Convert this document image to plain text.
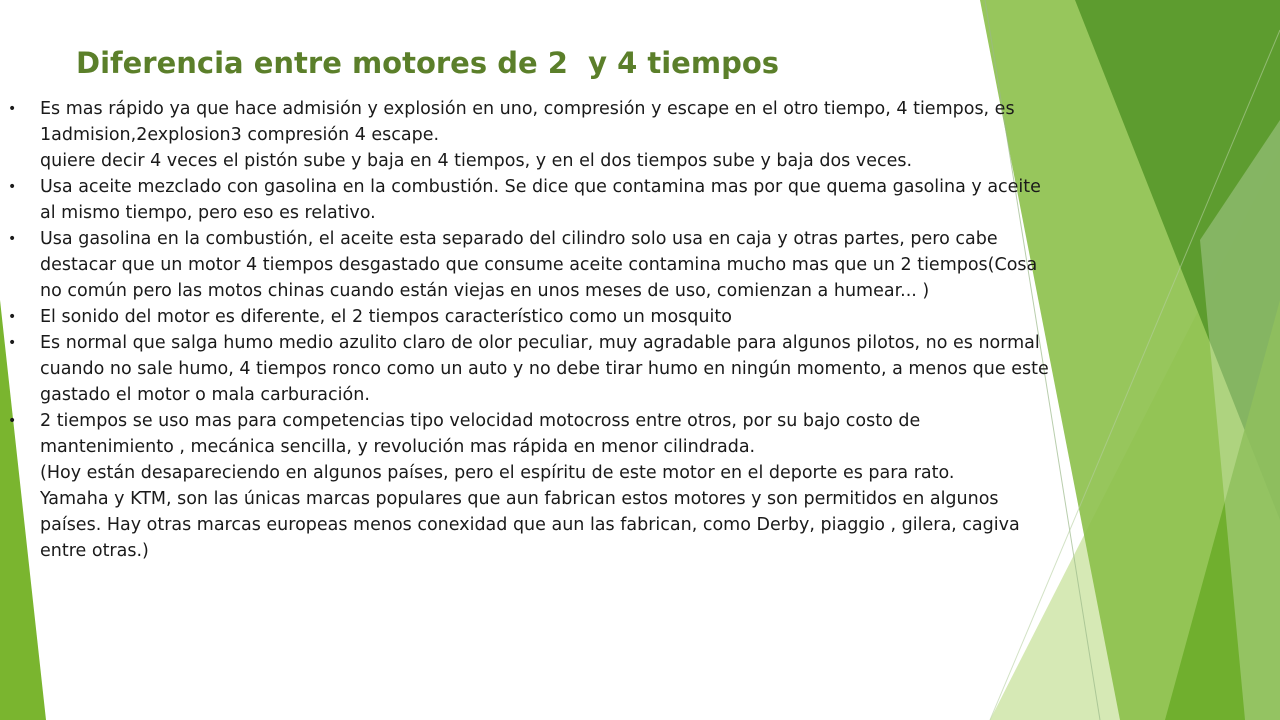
Diferencia entre motores de 2  y 4 tiempos
• Es mas rápido ya que hace admisión y explosión en uno, compresión y escape en el otro tiempo, 4 tiempos, es
1admision,2explosion3 compresión 4 escape.
quiere decir 4 veces el pistón sube y baja en 4 tiempos, y en el dos tiempos sube y baja dos veces.
• Usa aceite mezclado con gasolina en la combustión. Se dice que contamina mas por que quema gasolina y aceite
al mismo tiempo, pero eso es relativo.
• Usa gasolina en la combustión, el aceite esta separado del cilindro solo usa en caja y otras partes, pero cabe
destacar que un motor 4 tiempos desgastado que consume aceite contamina mucho mas que un 2 tiempos(Cosa
no común pero las motos chinas cuando están viejas en unos meses de uso, comienzan a humear... )
• El sonido del motor es diferente, el 2 tiempos característico como un mosquito
• Es normal que salga humo medio azulito claro de olor peculiar, muy agradable para algunos pilotos, no es normal
cuando no sale humo, 4 tiempos ronco como un auto y no debe tirar humo en ningún momento, a menos que este
gastado el motor o mala carburación.
• 2 tiempos se uso mas para competencias tipo velocidad motocross entre otros, por su bajo costo de
mantenimiento , mecánica sencilla, y revolución mas rápida en menor cilindrada.
(Hoy están desapareciendo en algunos países, pero el espíritu de este motor en el deporte es para rato.
Yamaha y KTM, son las únicas marcas populares que aun fabrican estos motores y son permitidos en algunos
países. Hay otras marcas europeas menos conexidad que aun las fabrican, como Derby, piaggio , gilera, cagiva
entre otras.)
